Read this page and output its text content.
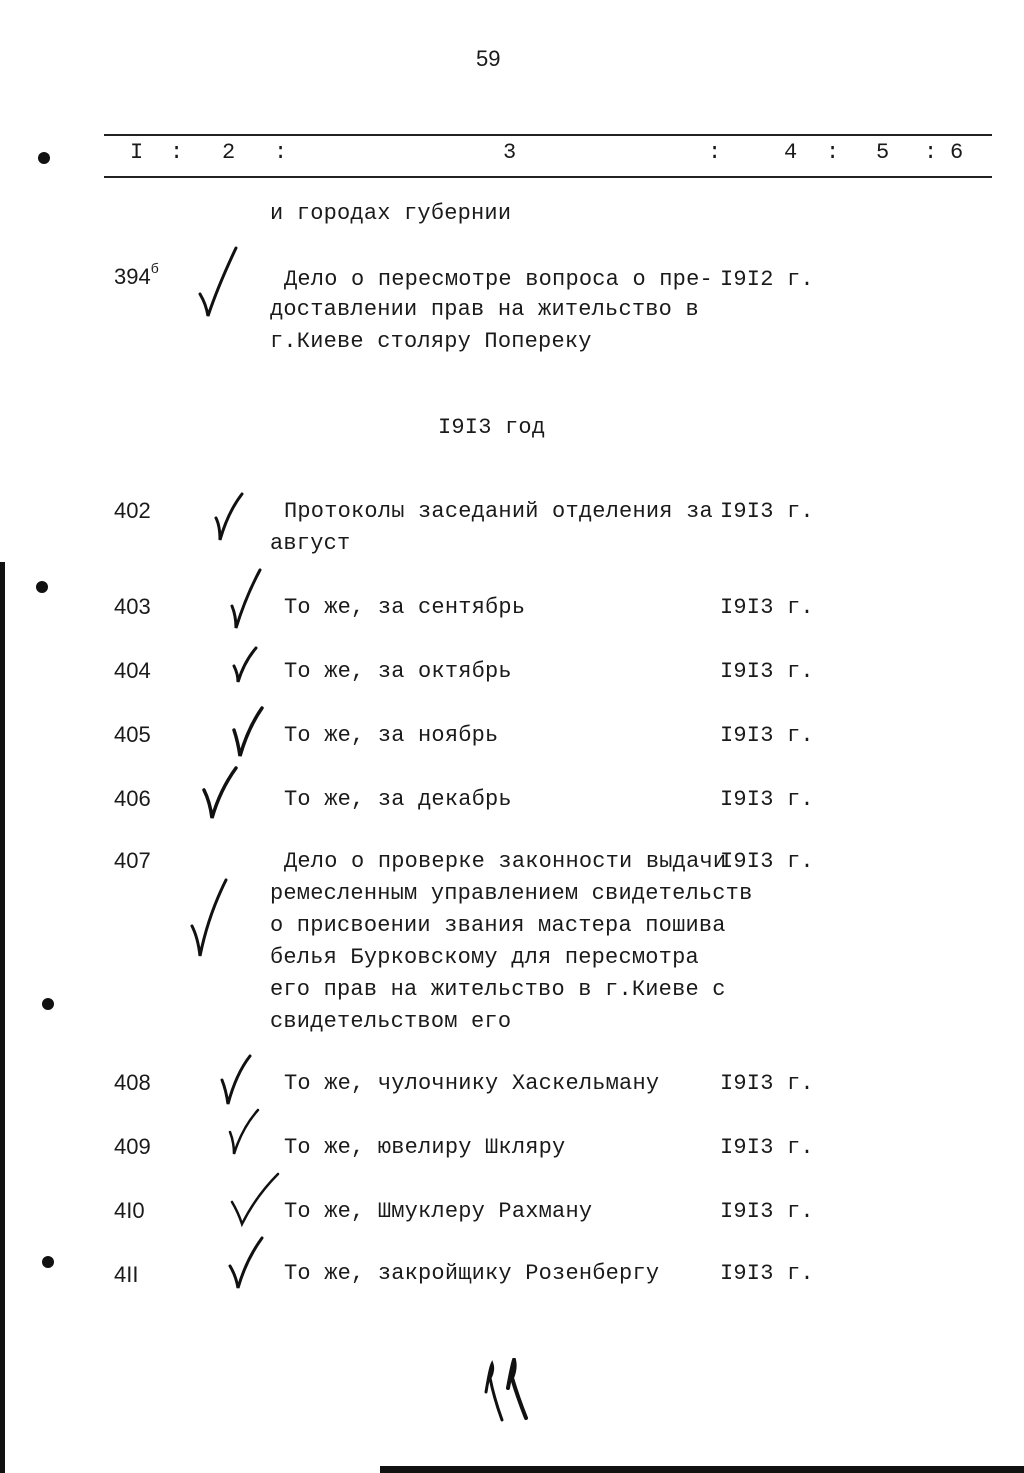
59
I : 2 :	3	:	4 : 5 : 6
и городах губернии
$394^б$	Дело о пересмотре вопроса о пре-
доставлении прав на жительство в
г.Киеве столяру Поперeку
I9I2 г.
I9I3 год
402	Протоколы заседаний отделения за
август
I9I3 г.
403	То же, за сентябрь	I9I3 г.
404	То же, за октябрь	I9I3 г.
405	То же, за ноябрь	I9I3 г.
406	То же, за декабрь	I9I3 г.
407	Дело о проверке законности выдачи
ремесленным управлением свидетельств
о присвоении звания мастера пошива
белья Бурковскому для пересмотра
его прав на жительство в г.Киеве с
свидетельством его
I9I3 г.
408	То же, чулочнику Хаскельману	I9I3 г.
409	То же, ювелиру Шкляру	I9I3 г.
4I0	То же, Шмуклеру Рахману	I9I3 г.
4II	То же, закройщику Розенбергу	I9I3 г.
